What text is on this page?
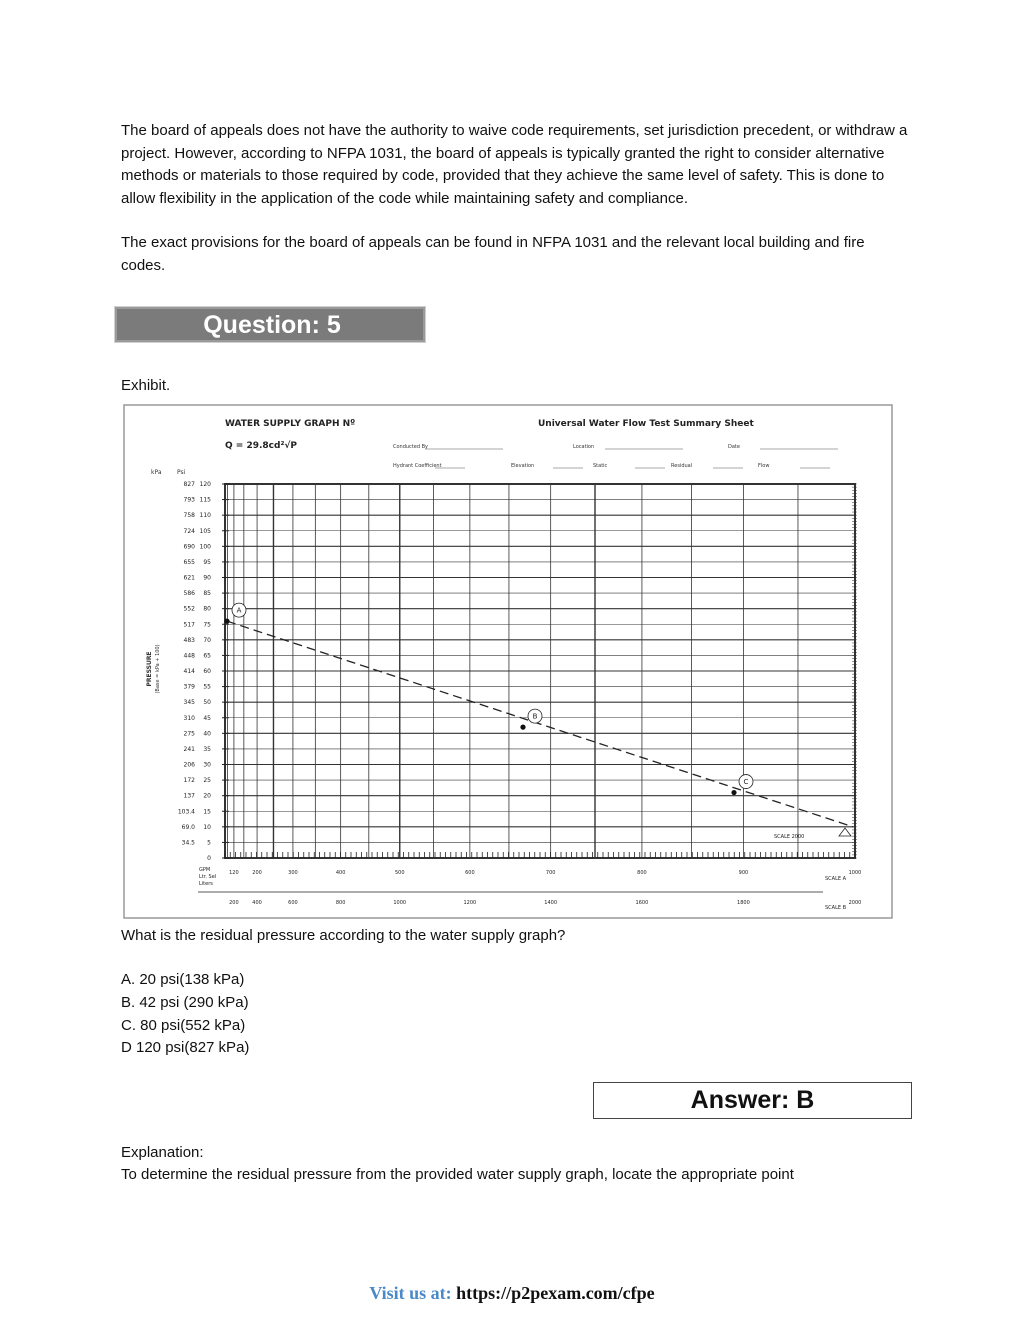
The board of appeals does not have the authority to waive code requirements, set jurisdiction precedent, or withdraw a project. However, according to NFPA 1031, the board of appeals is typically granted the right to consider alternative methods or materials to those required by code, provided that they achieve the same level of safety. This is done to allow flexibility in the application of the code while maintaining safety and compliance.

The exact provisions for the board of appeals can be found in NFPA 1031 and the relevant local building and fire codes.

Question: 5

Exhibit.

WATER SUPPLY GRAPH Nº
Q = 29.8cd²√P
Universal Water Flow Test Summary Sheet
Conducted By	Location	Date
Hydrant Coefficient	Elevation	Static	Residual	Flow
kPa	Psi
PRESSURE (Base = kPa + 100)
120
115
110
105
100
95
90
85
80
75
70
65
60
55
50
45
40
35
30
25
20
15
10
5
0
827
793
758
724
690
655
621
586
552
517
483
448
414
379
345
310
275
241
206
172
137
103.4
69.0
34.5
GPM
Ltr. Sel
Liters
120	200	300	400	500	600	700	800	900	1000
200	400	600	800	1000	1200	1400	1600	1800	2000
A
B
C
SCALE 2000
SCALE A
SCALE B

What is the residual pressure according to the water supply graph?

A. 20 psi(138 kPa)

B. 42 psi (290 kPa)

C. 80 psi(552 kPa)

D 120 psi(827 kPa)

Answer: B

Explanation:

To determine the residual pressure from the provided water supply graph, locate the appropriate point

Visit us at: https://p2pexam.com/cfpe
